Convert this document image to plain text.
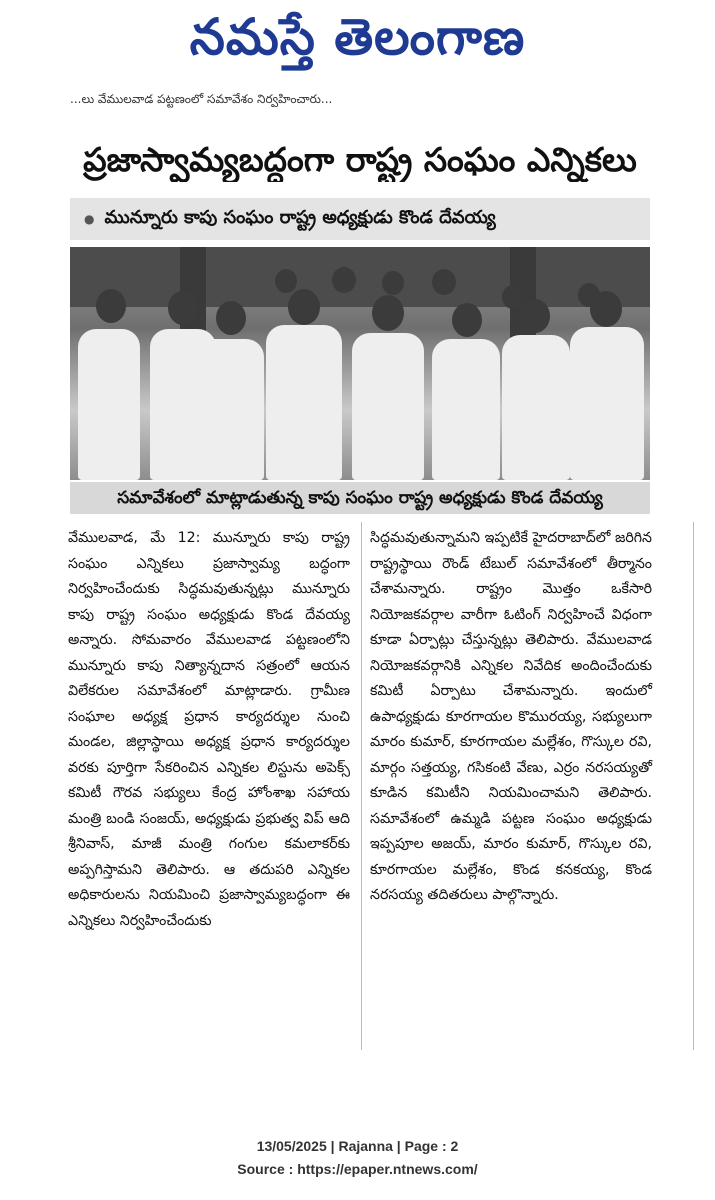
నమస్తే తెలంగాణ
...లు వేములవాడ పట్టణంలో సమావేశం నిర్వహించారు...
ప్రజాస్వామ్యబద్ధంగా రాష్ట్ర సంఘం ఎన్నికలు
● మున్నూరు కాపు సంఘం రాష్ట్ర అధ్యక్షుడు కొండ దేవయ్య
సమావేశంలో మాట్లాడుతున్న కాపు సంఘం రాష్ట్ర అధ్యక్షుడు కొండ దేవయ్య

వేములవాడ, మే 12: మున్నూరు కాపు రాష్ట్ర సంఘం ఎన్నికలు ప్రజాస్వామ్య బద్ధంగా నిర్వహించేందుకు సిద్ధమవుతున్నట్లు మున్నూరు కాపు రాష్ట్ర సంఘం అధ్యక్షుడు కొండ దేవయ్య అన్నారు. సోమవారం వేములవాడ పట్టణంలోని మున్నూరు కాపు నిత్యాన్నదాన సత్రంలో ఆయన విలేకరుల సమావేశంలో మాట్లాడారు. గ్రామీణ సంఘాల అధ్యక్ష ప్రధాన కార్యదర్శుల నుంచి మండల, జిల్లాస్థాయి అధ్యక్ష ప్రధాన కార్యదర్శుల వరకు పూర్తిగా సేకరించిన ఎన్నికల లిస్టును అపెక్స్ కమిటీ గౌరవ సభ్యులు కేంద్ర హోంశాఖ సహాయ మంత్రి బండి సంజయ్, అధ్యక్షుడు ప్రభుత్వ విప్ ఆది శ్రీనివాస్, మాజీ మంత్రి గంగుల కమలాకర్‌కు అప్పగిస్తామని తెలిపారు. ఆ తదుపరి ఎన్నికల అధికారులను నియమించి ప్రజాస్వామ్యబద్ధంగా ఈ ఎన్నికలు నిర్వహించేందుకు

సిద్ధమవుతున్నామని ఇప్పటికే హైదరాబాద్‌లో జరిగిన రాష్ట్రస్థాయి రౌండ్ టేబుల్ సమావేశంలో తీర్మానం చేశామన్నారు. రాష్ట్రం మొత్తం ఒకేసారి నియోజకవర్గాల వారీగా ఓటింగ్ నిర్వహించే విధంగా కూడా ఏర్పాట్లు చేస్తున్నట్లు తెలిపారు. వేములవాడ నియోజకవర్గానికి ఎన్నికల నివేదిక అందించేందుకు కమిటీ ఏర్పాటు చేశామన్నారు. ఇందులో ఉపాధ్యక్షుడు కూరగాయల కొమురయ్య, సభ్యులుగా మారం కుమార్, కూరగాయల మల్లేశం, గొస్కుల రవి, మార్గం సత్తయ్య, గసికంటి వేణు, ఎర్రం నరసయ్యతో కూడిన కమిటీని నియమించామని తెలిపారు. సమావేశంలో ఉమ్మడి పట్టణ సంఘం అధ్యక్షుడు ఇప్పపూల అజయ్, మారం కుమార్, గొస్కుల రవి, కూరగాయల మల్లేశం, కొండ కనకయ్య, కొండ నరసయ్య తదితరులు పాల్గొన్నారు.

13/05/2025 | Rajanna | Page : 2
Source : https://epaper.ntnews.com/
